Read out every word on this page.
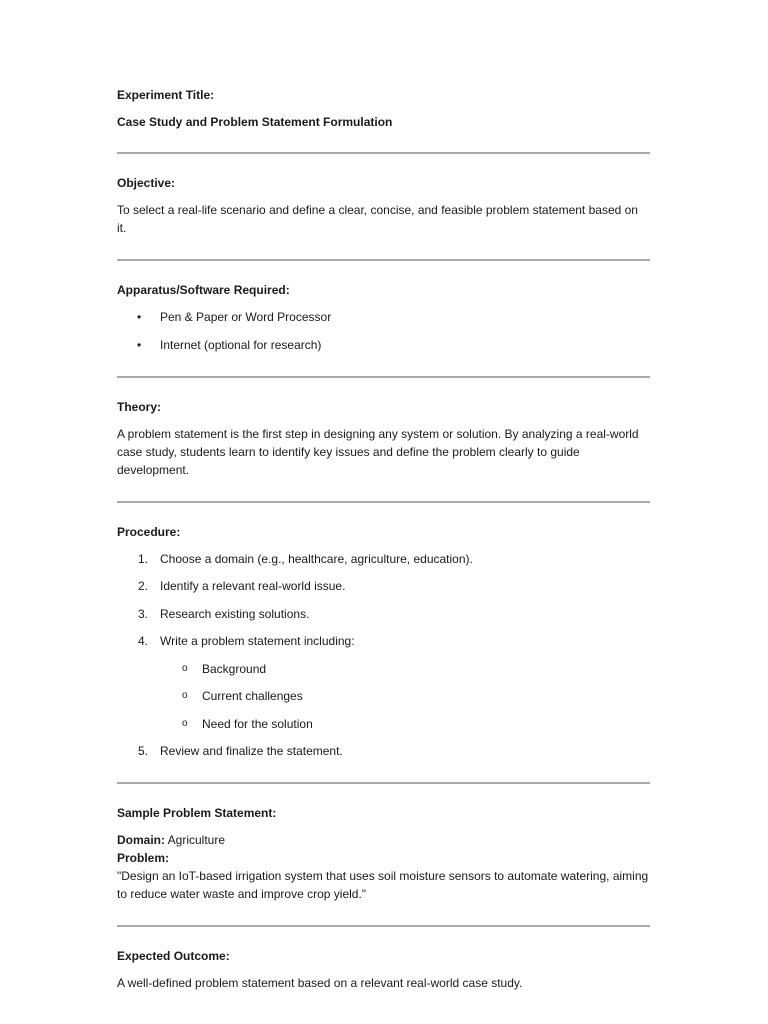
Experiment Title:

Case Study and Problem Statement Formulation

Objective:

To select a real-life scenario and define a clear, concise, and feasible problem statement based on it.

Apparatus/Software Required:

•	Pen & Paper or Word Processor
•	Internet (optional for research)

Theory:

A problem statement is the first step in designing any system or solution. By analyzing a real-world case study, students learn to identify key issues and define the problem clearly to guide development.

Procedure:

1. Choose a domain (e.g., healthcare, agriculture, education).
2. Identify a relevant real-world issue.
3. Research existing solutions.
4. Write a problem statement including:
o Background
o Current challenges
o Need for the solution
5. Review and finalize the statement.

Sample Problem Statement:

Domain: Agriculture

Problem:

"Design an IoT-based irrigation system that uses soil moisture sensors to automate watering, aiming to reduce water waste and improve crop yield."

Expected Outcome:

A well-defined problem statement based on a relevant real-world case study.
